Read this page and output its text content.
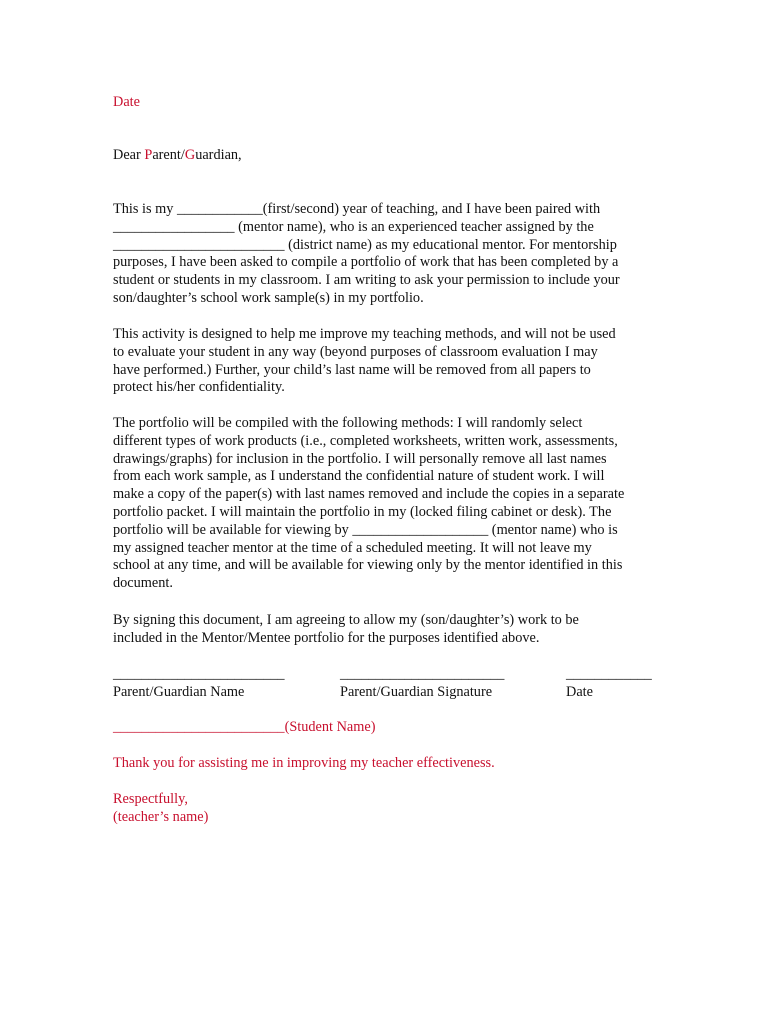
Date
Dear Parent/Guardian,

This is my ____________(first/second) year of teaching, and I have been paired with
_________________ (mentor name), who is an experienced teacher assigned by the
________________________ (district name) as my educational mentor. For mentorship
purposes, I have been asked to compile a portfolio of work that has been completed by a
student or students in my classroom. I am writing to ask your permission to include your
son/daughter’s school work sample(s) in my portfolio.

This activity is designed to help me improve my teaching methods, and will not be used
to evaluate your student in any way (beyond purposes of classroom evaluation I may
have performed.) Further, your child’s last name will be removed from all papers to
protect his/her confidentiality.

The portfolio will be compiled with the following methods: I will randomly select
different types of work products (i.e., completed worksheets, written work, assessments,
drawings/graphs) for inclusion in the portfolio. I will personally remove all last names
from each work sample, as I understand the confidential nature of student work. I will
make a copy of the paper(s) with last names removed and include the copies in a separate
portfolio packet. I will maintain the portfolio in my (locked filing cabinet or desk). The
portfolio will be available for viewing by ___________________ (mentor name) who is
my assigned teacher mentor at the time of a scheduled meeting. It will not leave my
school at any time, and will be available for viewing only by the mentor identified in this
document.

By signing this document, I am agreeing to allow my (son/daughter’s) work to be
included in the Mentor/Mentee portfolio for the purposes identified above.

________________________
Parent/Guardian Name
_______________________
Parent/Guardian Signature
____________
Date
________________________(Student Name)
Thank you for assisting me in improving my teacher effectiveness.
Respectfully,
(teacher’s name)
